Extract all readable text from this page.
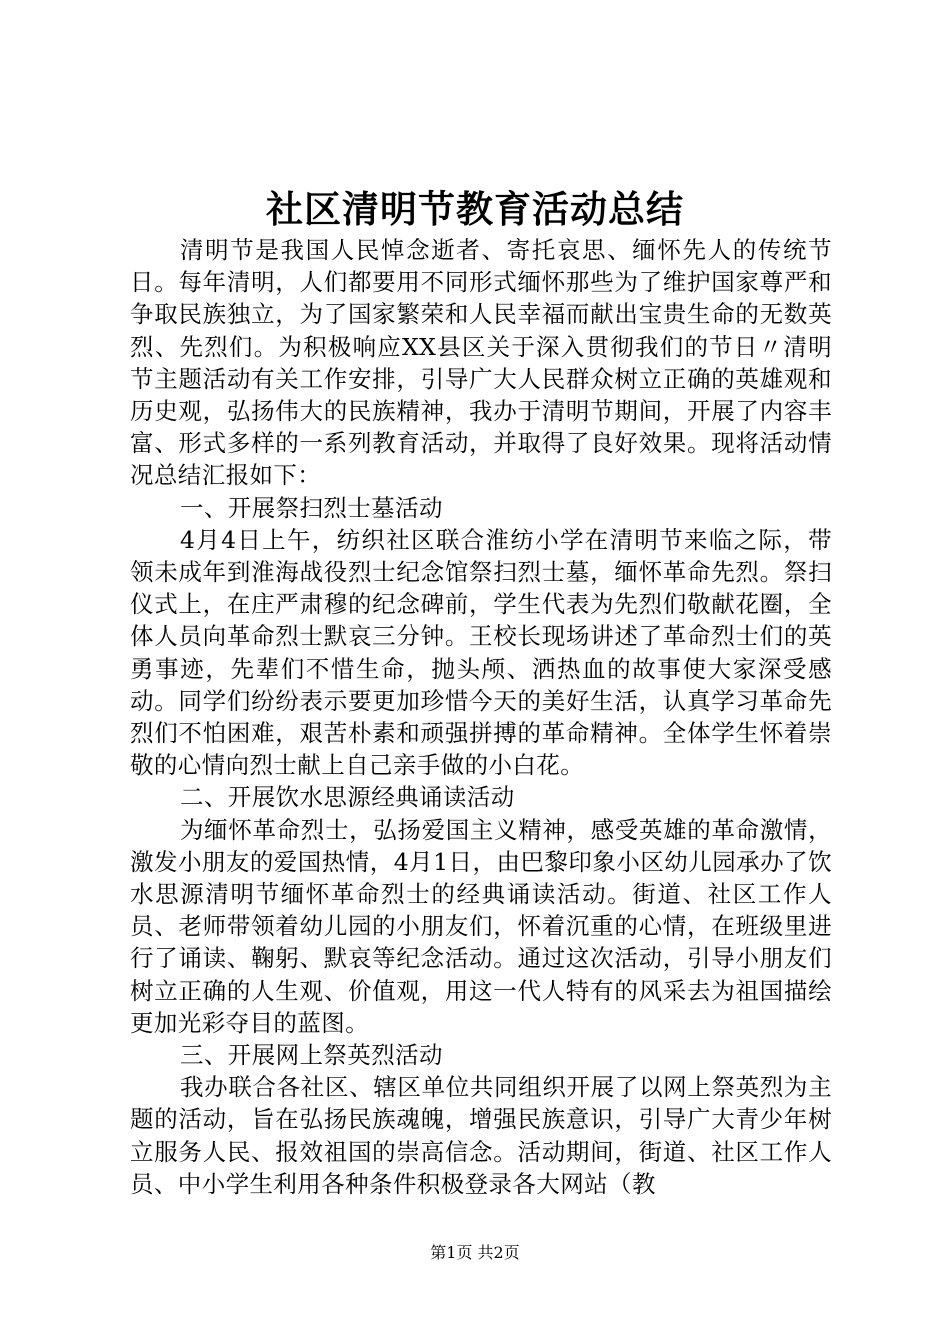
社区清明节教育活动总结

清明节是我国人民悼念逝者、寄托哀思、缅怀先人的传统节日。每年清明，人们都要用不同形式缅怀那些为了维护国家尊严和争取民族独立，为了国家繁荣和人民幸福而献出宝贵生命的无数英烈、先烈们。为积极响应XX县区关于深入贯彻我们的节日〃清明节主题活动有关工作安排，引导广大人民群众树立正确的英雄观和历史观，弘扬伟大的民族精神，我办于清明节期间，开展了内容丰富、形式多样的一系列教育活动，并取得了良好效果。现将活动情况总结汇报如下：

一、开展祭扫烈士墓活动

4月4日上午，纺织社区联合淮纺小学在清明节来临之际，带领未成年到淮海战役烈士纪念馆祭扫烈士墓，缅怀革命先烈。祭扫仪式上，在庄严肃穆的纪念碑前，学生代表为先烈们敬献花圈，全体人员向革命烈士默哀三分钟。王校长现场讲述了革命烈士们的英勇事迹，先辈们不惜生命，抛头颅、洒热血的故事使大家深受感动。同学们纷纷表示要更加珍惜今天的美好生活，认真学习革命先烈们不怕困难，艰苦朴素和顽强拼搏的革命精神。全体学生怀着崇敬的心情向烈士献上自己亲手做的小白花。

二、开展饮水思源经典诵读活动

为缅怀革命烈士，弘扬爱国主义精神，感受英雄的革命激情，激发小朋友的爱国热情，4月1日，由巴黎印象小区幼儿园承办了饮水思源清明节缅怀革命烈士的经典诵读活动。街道、社区工作人员、老师带领着幼儿园的小朋友们，怀着沉重的心情，在班级里进行了诵读、鞠躬、默哀等纪念活动。通过这次活动，引导小朋友们树立正确的人生观、价值观，用这一代人特有的风采去为祖国描绘更加光彩夺目的蓝图。

三、开展网上祭英烈活动

我办联合各社区、辖区单位共同组织开展了以网上祭英烈为主题的活动，旨在弘扬民族魂魄，增强民族意识，引导广大青少年树立服务人民、报效祖国的崇高信念。活动期间，街道、社区工作人员、中小学生利用各种条件积极登录各大网站（教

第1页 共2页
